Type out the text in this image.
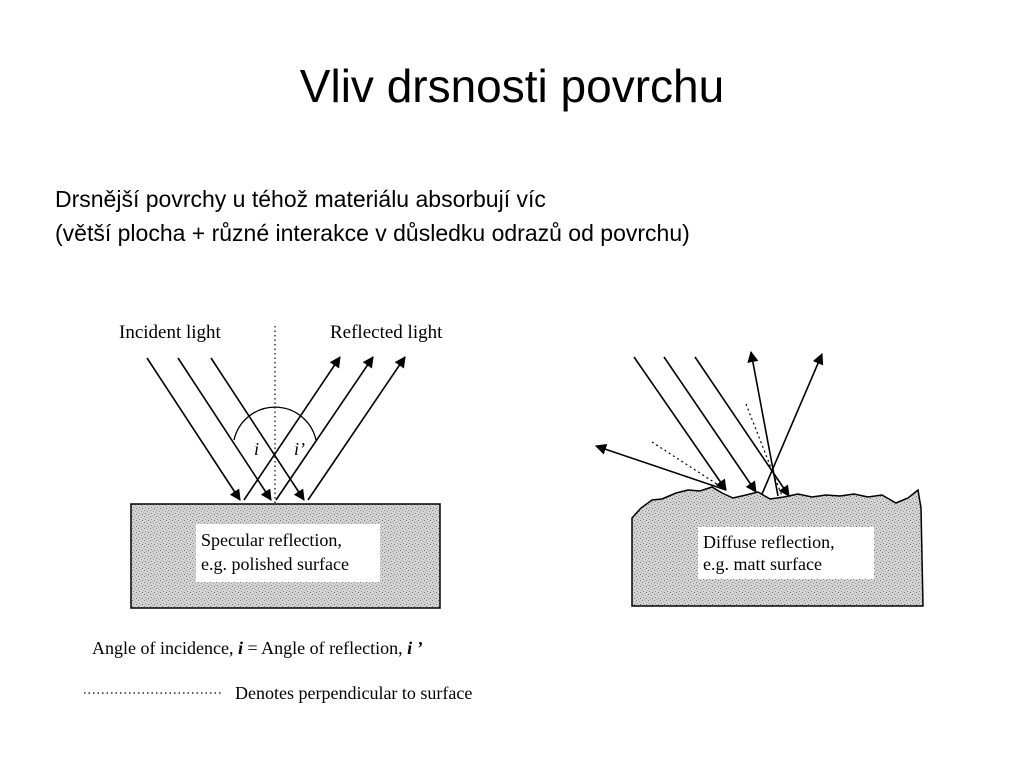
Vliv drsnosti povrchu
Drsnější povrchy u téhož materiálu absorbují víc
(větší plocha + různé interakce v důsledku odrazů od povrchu)
Specular reflection,
e.g. polished surface
i i’
Incident light	Reflected light
Diffuse reflection,
e.g. matt surface
Angle of incidence, i = Angle of reflection, i ’
Denotes perpendicular to surface
